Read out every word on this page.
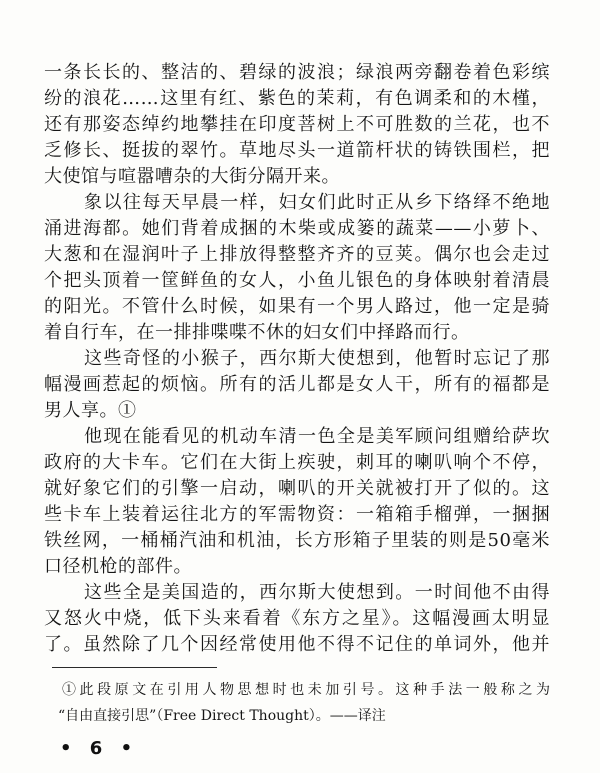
一条长长的、整洁的、碧绿的波浪；绿浪两旁翻卷着色彩缤
纷的浪花……这里有红、紫色的茉莉，有色调柔和的木槿，
还有那姿态绰约地攀挂在印度菩树上不可胜数的兰花，也不
乏修长、挺拔的翠竹。草地尽头一道箭杆状的铸铁围栏，把
大使馆与喧嚣嘈杂的大街分隔开来。
象以往每天早晨一样，妇女们此时正从乡下络绎不绝地
涌进海都。她们背着成捆的木柴或成篓的蔬菜——小萝卜、
大葱和在湿润叶子上排放得整整齐齐的豆荚。偶尔也会走过
个把头顶着一筐鲜鱼的女人，小鱼儿银色的身体映射着清晨
的阳光。不管什么时候，如果有一个男人路过，他一定是骑
着自行车，在一排排喋喋不休的妇女们中择路而行。
这些奇怪的小猴子，西尔斯大使想到，他暂时忘记了那
幅漫画惹起的烦恼。所有的活儿都是女人干，所有的福都是
男人享。①
他现在能看见的机动车清一色全是美军顾问组赠给萨坎
政府的大卡车。它们在大街上疾驶，刺耳的喇叭响个不停，
就好象它们的引擎一启动，喇叭的开关就被打开了似的。这
些卡车上装着运往北方的军需物资：一箱箱手榴弹，一捆捆
铁丝网，一桶桶汽油和机油，长方形箱子里装的则是50毫米
口径机枪的部件。
这些全是美国造的，西尔斯大使想到。一时间他不由得
又怒火中烧，低下头来看着《东方之星》。这幅漫画太明显
了。虽然除了几个因经常使用他不得不记住的单词外，他并
①此段原文在引用人物思想时也未加引号。这种手法一般称之为
“自由直接引思”（Free Direct Thought）。——译注
• 6 •
